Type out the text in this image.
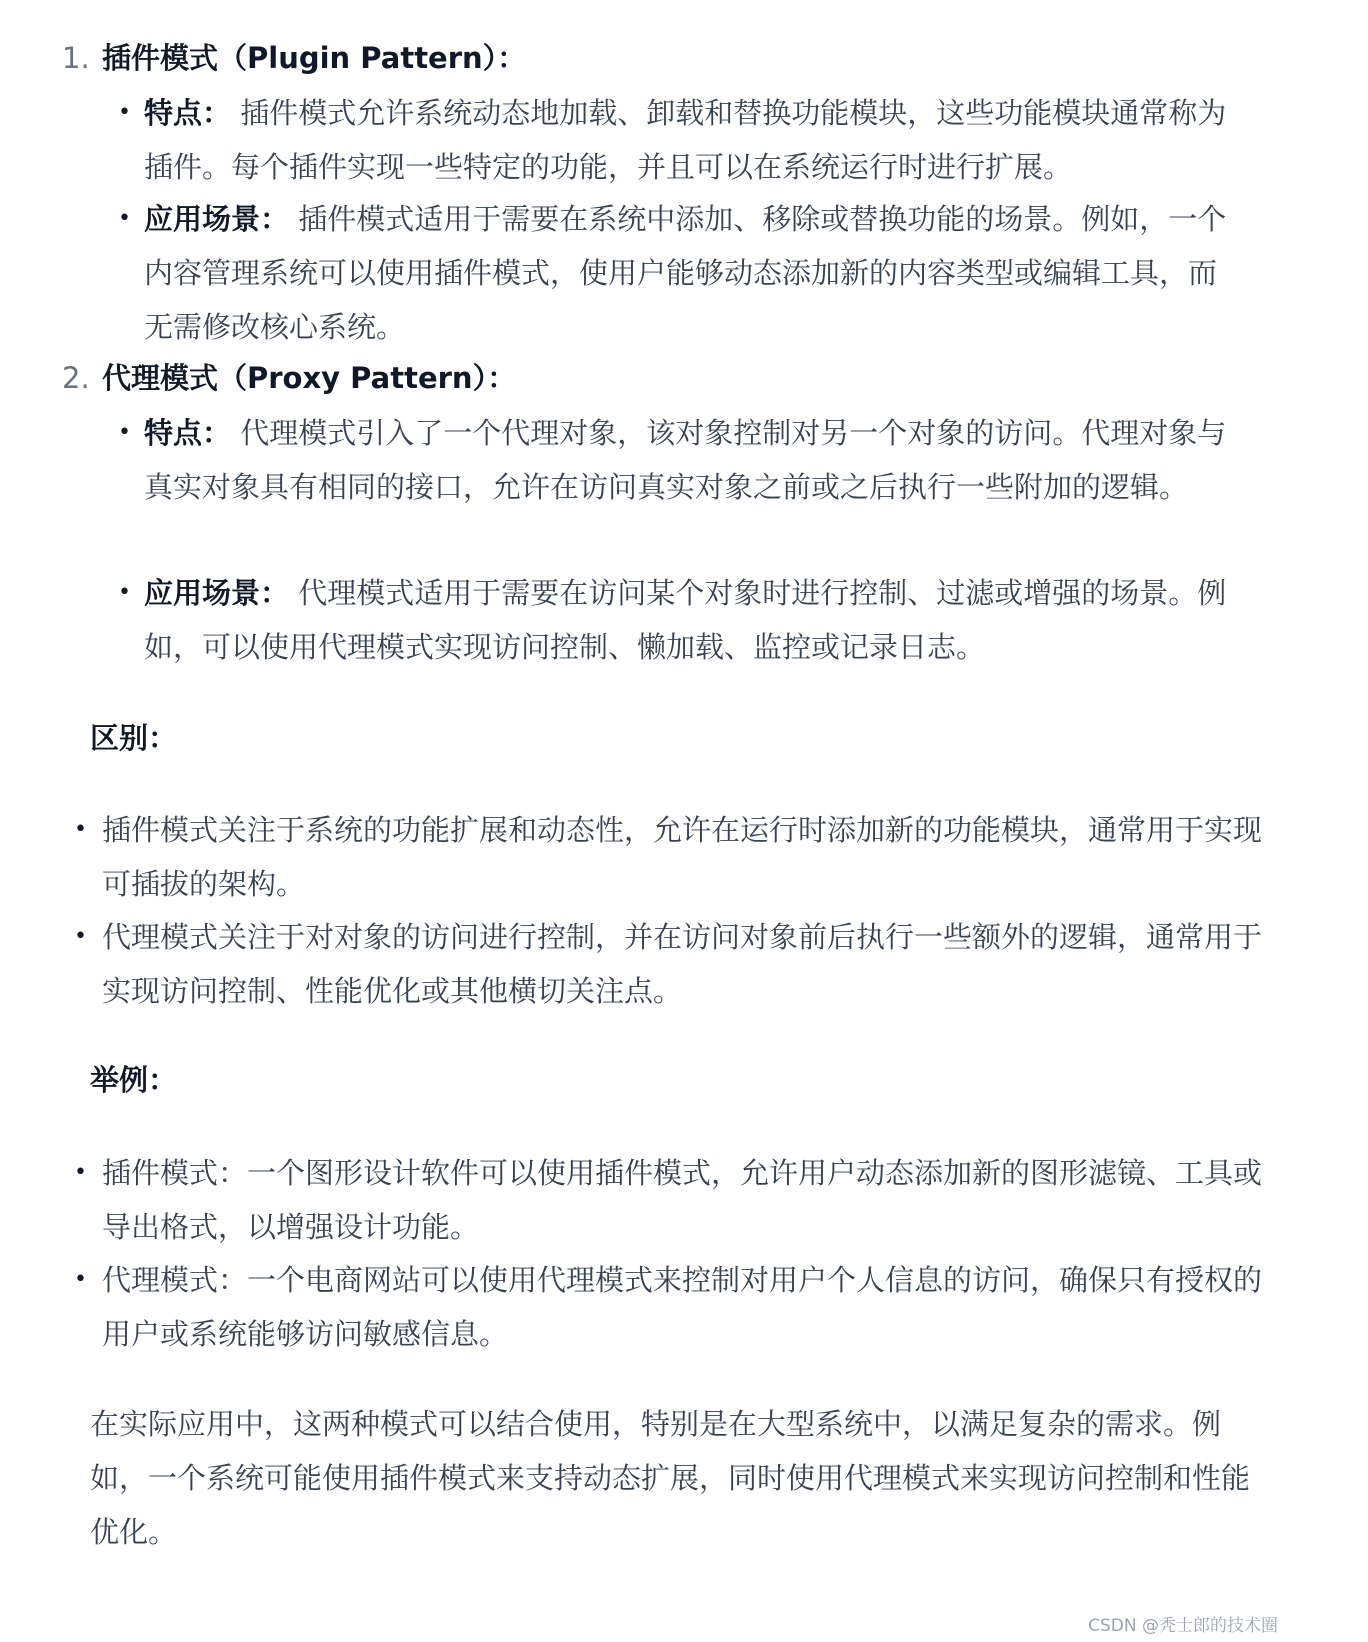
1. 插件模式（Plugin Pattern）：
• 特点： 插件模式允许系统动态地加载、卸载和替换功能模块，这些功能模块通常称为插件。每个插件实现一些特定的功能，并且可以在系统运行时进行扩展。
• 应用场景： 插件模式适用于需要在系统中添加、移除或替换功能的场景。例如，一个内容管理系统可以使用插件模式，使用户能够动态添加新的内容类型或编辑工具，而无需修改核心系统。
2. 代理模式（Proxy Pattern）：
• 特点： 代理模式引入了一个代理对象，该对象控制对另一个对象的访问。代理对象与真实对象具有相同的接口，允许在访问真实对象之前或之后执行一些附加的逻辑。
• 应用场景： 代理模式适用于需要在访问某个对象时进行控制、过滤或增强的场景。例如，可以使用代理模式实现访问控制、懒加载、监控或记录日志。
区别：
• 插件模式关注于系统的功能扩展和动态性，允许在运行时添加新的功能模块，通常用于实现可插拔的架构。
• 代理模式关注于对对象的访问进行控制，并在访问对象前后执行一些额外的逻辑，通常用于实现访问控制、性能优化或其他横切关注点。
举例：
• 插件模式：一个图形设计软件可以使用插件模式，允许用户动态添加新的图形滤镜、工具或导出格式，以增强设计功能。
• 代理模式：一个电商网站可以使用代理模式来控制对用户个人信息的访问，确保只有授权的用户或系统能够访问敏感信息。
在实际应用中，这两种模式可以结合使用，特别是在大型系统中，以满足复杂的需求。例如，一个系统可能使用插件模式来支持动态扩展，同时使用代理模式来实现访问控制和性能优化。
CSDN @秃士郎的技术圈
